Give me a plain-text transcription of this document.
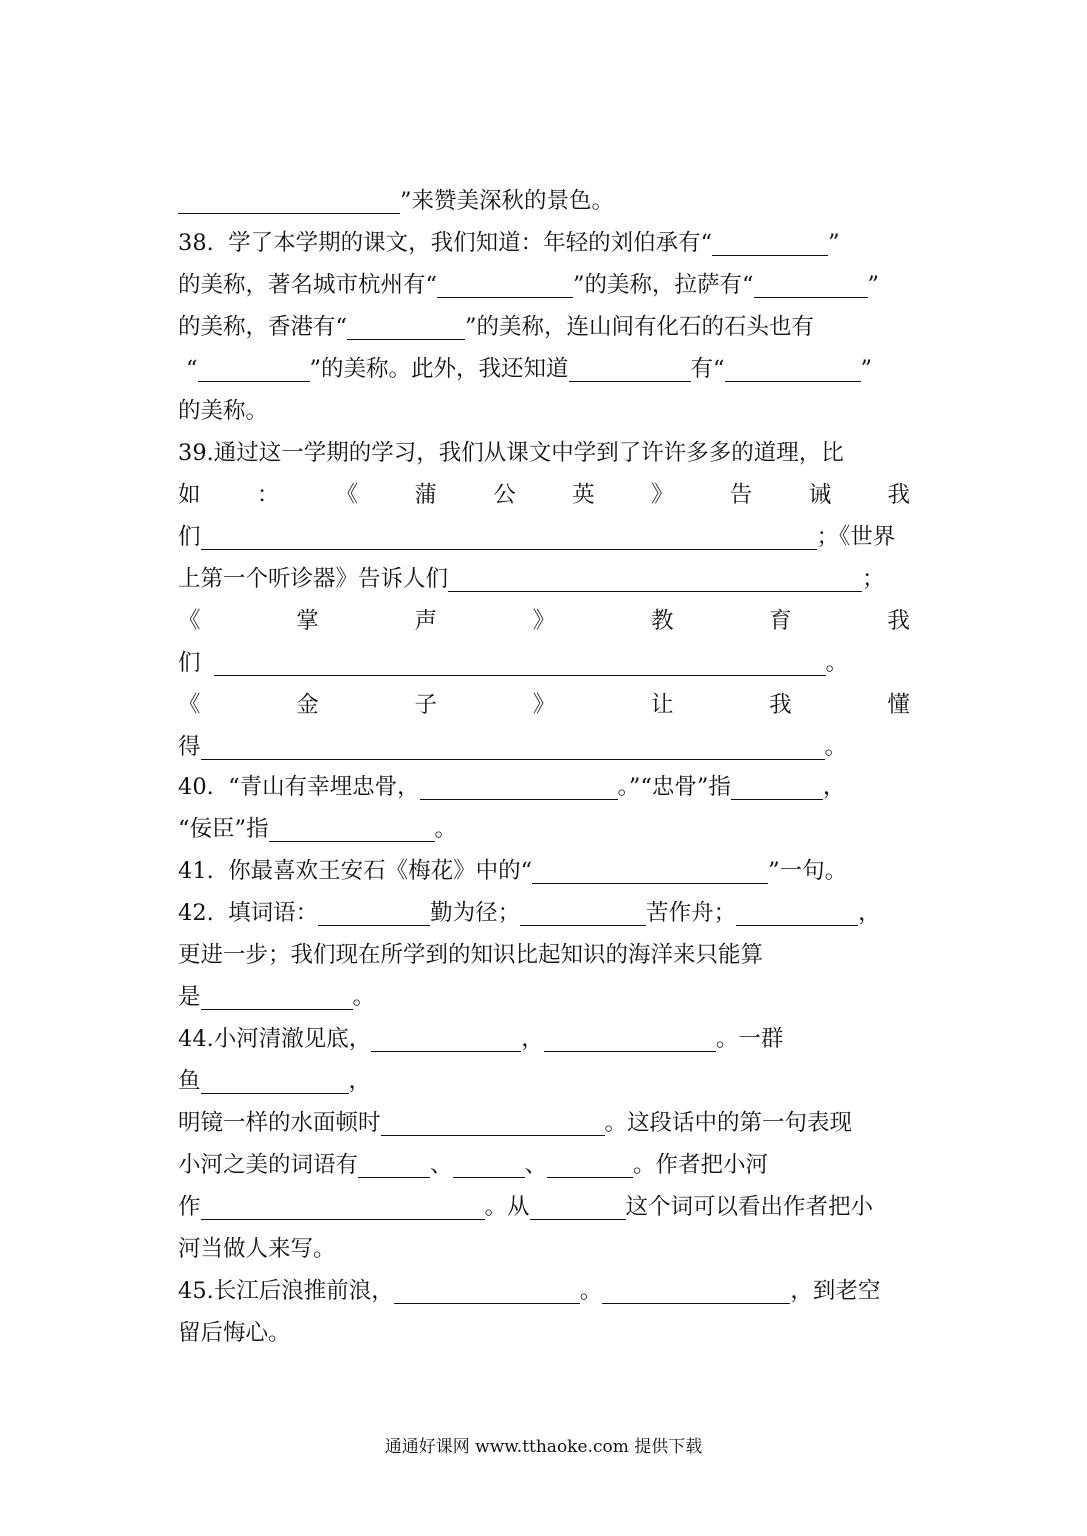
”来赞美深秋的景色。
38.  学了本学期的课文，我们知道：年轻的刘伯承有“	”
的美称，著名城市杭州有“	”的美称，拉萨有“	”
的美称，香港有“	”的美称，连山间有化石的石头也有
“	”的美称。此外，我还知道	有“	”
的美称。
39.通过这一学期的学习，我们从课文中学到了许许多多的道理，比
如	：	《	蒲	公	英	》	告	诫	我
们	；《世界
上第一个听诊器》告诉人们	；
《	掌	声	》	教	育	我
们	。
《	金	子	》	让	我	懂
得	。
40.  “青山有幸埋忠骨，	。”“忠骨”指	，
“佞臣”指	。
41.  你最喜欢王安石《梅花》中的“	”一句。
42.  填词语：	勤为径；	苦作舟；	，
更进一步；我们现在所学到的知识比起知识的海洋来只能算
是	。
44.小河清澈见底，	，	。一群
鱼	，
明镜一样的水面顿时	。这段话中的第一句表现
小河之美的词语有	、	、	。作者把小河
作	。从	这个词可以看出作者把小
河当做人来写。
45.长江后浪推前浪，	。	，到老空
留后悔心。
通通好课网 www.tthaoke.com 提供下载
